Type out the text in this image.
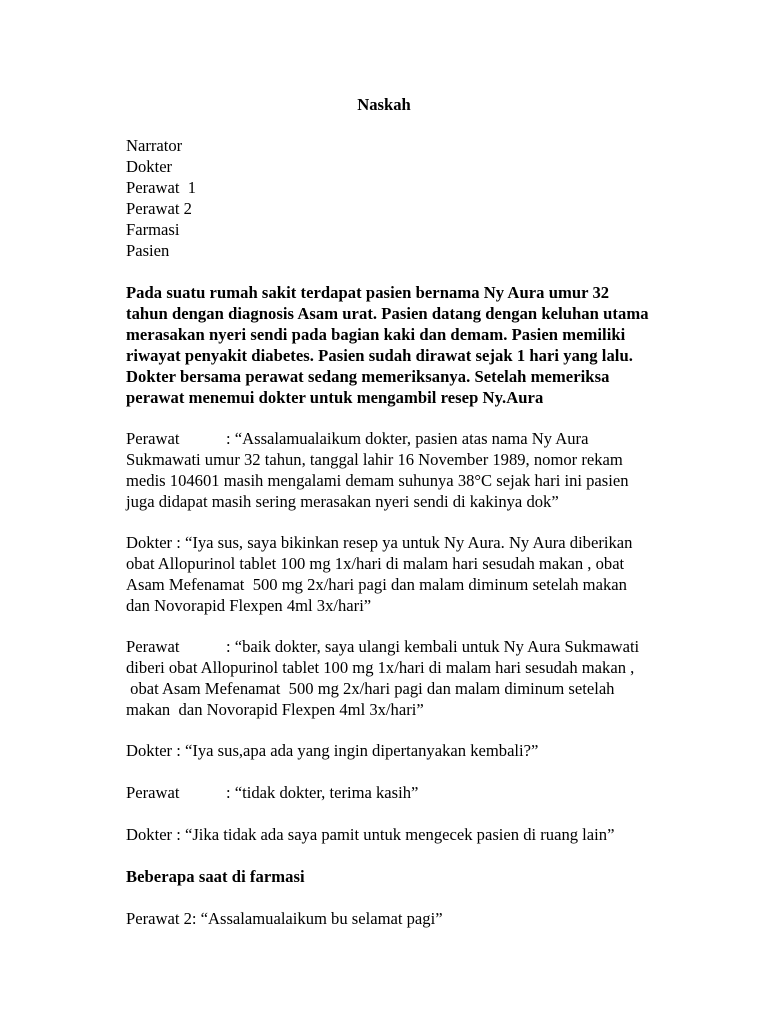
Naskah
Narrator
Dokter
Perawat  1
Perawat 2
Farmasi
Pasien

Pada suatu rumah sakit terdapat pasien bernama Ny Aura umur 32
tahun dengan diagnosis Asam urat. Pasien datang dengan keluhan utama
merasakan nyeri sendi pada bagian kaki dan demam. Pasien memiliki
riwayat penyakit diabetes. Pasien sudah dirawat sejak 1 hari yang lalu.
Dokter bersama perawat sedang memeriksanya. Setelah memeriksa
perawat menemui dokter untuk mengambil resep Ny.Aura

Perawat	: “Assalamualaikum dokter, pasien atas nama Ny Aura
Sukmawati umur 32 tahun, tanggal lahir 16 November 1989, nomor rekam
medis 104601 masih mengalami demam suhunya 38°C sejak hari ini pasien
juga didapat masih sering merasakan nyeri sendi di kakinya dok”

Dokter : “Iya sus, saya bikinkan resep ya untuk Ny Aura. Ny Aura diberikan
obat Allopurinol tablet 100 mg 1x/hari di malam hari sesudah makan , obat
Asam Mefenamat  500 mg 2x/hari pagi dan malam diminum setelah makan
dan Novorapid Flexpen 4ml 3x/hari”

Perawat	: “baik dokter, saya ulangi kembali untuk Ny Aura Sukmawati
diberi obat Allopurinol tablet 100 mg 1x/hari di malam hari sesudah makan ,
obat Asam Mefenamat  500 mg 2x/hari pagi dan malam diminum setelah
makan  dan Novorapid Flexpen 4ml 3x/hari”

Dokter : “Iya sus,apa ada yang ingin dipertanyakan kembali?”

Perawat	: “tidak dokter, terima kasih”

Dokter : “Jika tidak ada saya pamit untuk mengecek pasien di ruang lain”

Beberapa saat di farmasi

Perawat 2: “Assalamualaikum bu selamat pagi”
